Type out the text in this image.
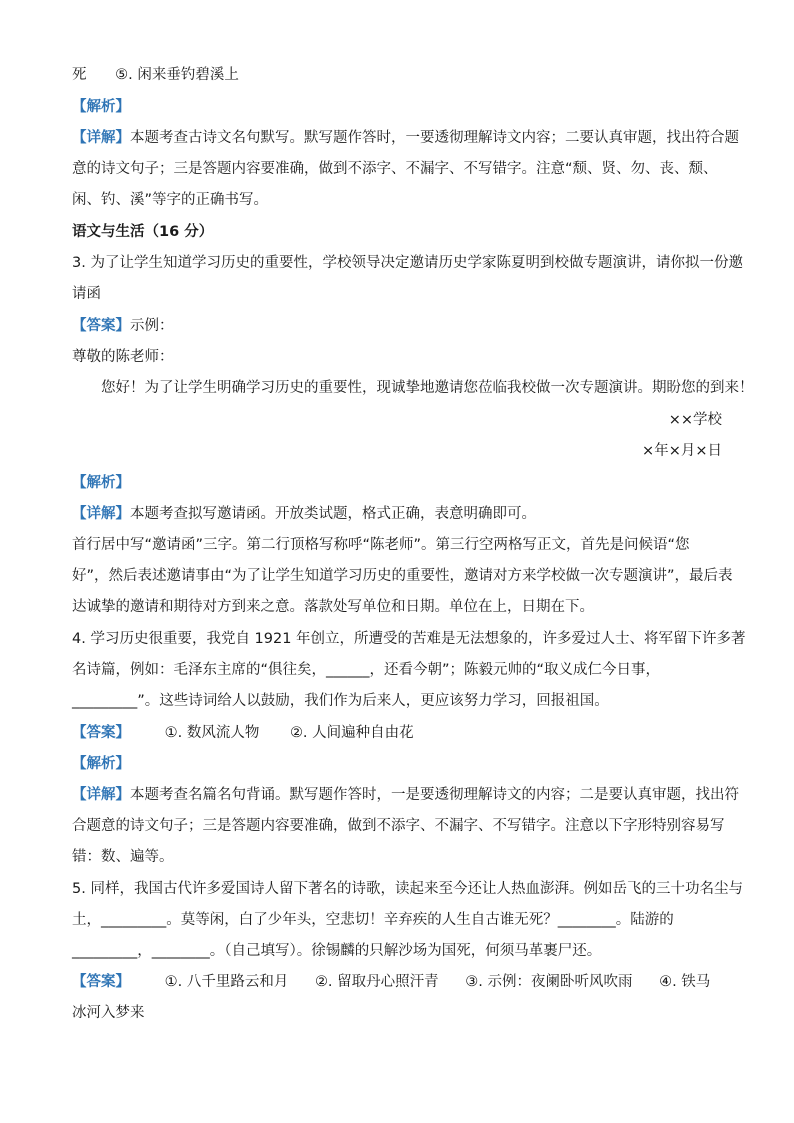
死 ⑤. 闲来垂钓碧溪上
【解析】
【详解】本题考查古诗文名句默写。默写题作答时，一要透彻理解诗文内容；二要认真审题，找出符合题
意的诗文句子；三是答题内容要准确，做到不添字、不漏字、不写错字。注意“颓、贤、勿、丧、颓、
闲、钓、溪”等字的正确书写。
语文与生活（16 分）
3. 为了让学生知道学习历史的重要性，学校领导决定邀请历史学家陈夏明到校做专题演讲，请你拟一份邀
请函
【答案】示例：
尊敬的陈老师：
您好！为了让学生明确学习历史的重要性，现诚挚地邀请您莅临我校做一次专题演讲。期盼您的到来！
××学校
×年×月×日
【解析】
【详解】本题考查拟写邀请函。开放类试题，格式正确，表意明确即可。
首行居中写“邀请函”三字。第二行顶格写称呼“陈老师”。第三行空两格写正文，首先是问候语“您
好”，然后表述邀请事由“为了让学生知道学习历史的重要性，邀请对方来学校做一次专题演讲”，最后表
达诚挚的邀请和期待对方到来之意。落款处写单位和日期。单位在上，日期在下。
4. 学习历史很重要，我党自 1921 年创立，所遭受的苦难是无法想象的，许多爱过人士、将军留下许多著
名诗篇，例如：毛泽东主席的“俱往矣，______，还看今朝”；陈毅元帅的“取义成仁今日事，
_________”。这些诗词给人以鼓励，我们作为后来人，更应该努力学习，回报祖国。
【答案】 ①. 数风流人物 ②. 人间遍种自由花
【解析】
【详解】本题考查名篇名句背诵。默写题作答时，一是要透彻理解诗文的内容；二是要认真审题，找出符
合题意的诗文句子；三是答题内容要准确，做到不添字、不漏字、不写错字。注意以下字形特别容易写
错：数、遍等。
5. 同样，我国古代许多爱国诗人留下著名的诗歌，读起来至今还让人热血澎湃。例如岳飞的三十功名尘与
土，_________。莫等闲，白了少年头，空悲切！辛弃疾的人生自古谁无死？________。陆游的
_________，________。（自己填写）。徐锡麟的只解沙场为国死，何须马革裹尸还。
【答案】 ①. 八千里路云和月 ②. 留取丹心照汗青 ③. 示例：夜阑卧听风吹雨 ④. 铁马
冰河入梦来
